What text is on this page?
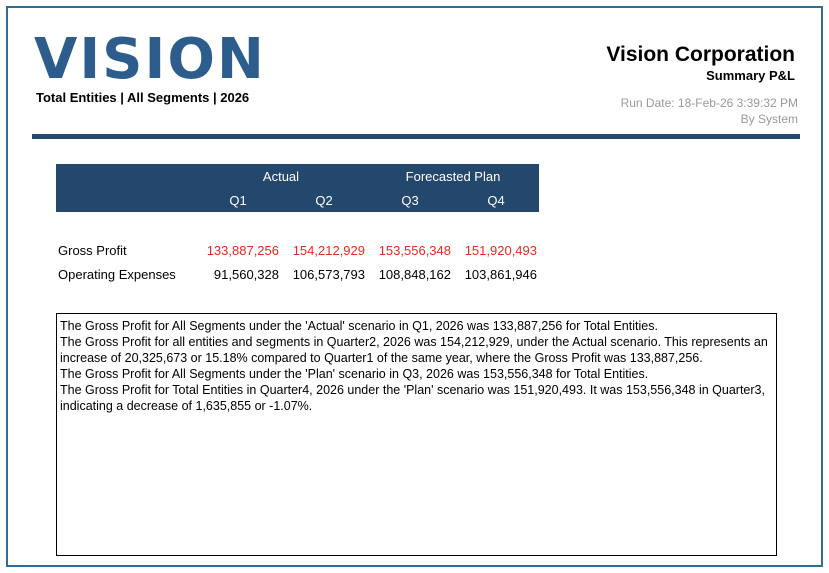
VISION
Total Entities | All Segments | 2026
Vision Corporation
Summary P&L
Run Date: 18-Feb-26 3:39:32 PM
By System
	Actual		Forecasted Plan	
	Q1	Q2	Q3	Q4

Gross Profit	133,887,256	154,212,929	153,556,348	151,920,493
Operating Expenses	91,560,328	106,573,793	108,848,162	103,861,946

The Gross Profit for All Segments under the 'Actual' scenario in Q1, 2026 was 133,887,256 for Total Entities.

The Gross Profit for all entities and segments in Quarter2, 2026 was 154,212,929, under the Actual scenario. This represents an increase of 20,325,673 or 15.18% compared to Quarter1 of the same year, where the Gross Profit was 133,887,256.

The Gross Profit for All Segments under the 'Plan' scenario in Q3, 2026 was 153,556,348 for Total Entities.

The Gross Profit for Total Entities in Quarter4, 2026 under the 'Plan' scenario was 151,920,493. It was 153,556,348 in Quarter3, indicating a decrease of 1,635,855 or -1.07%.
